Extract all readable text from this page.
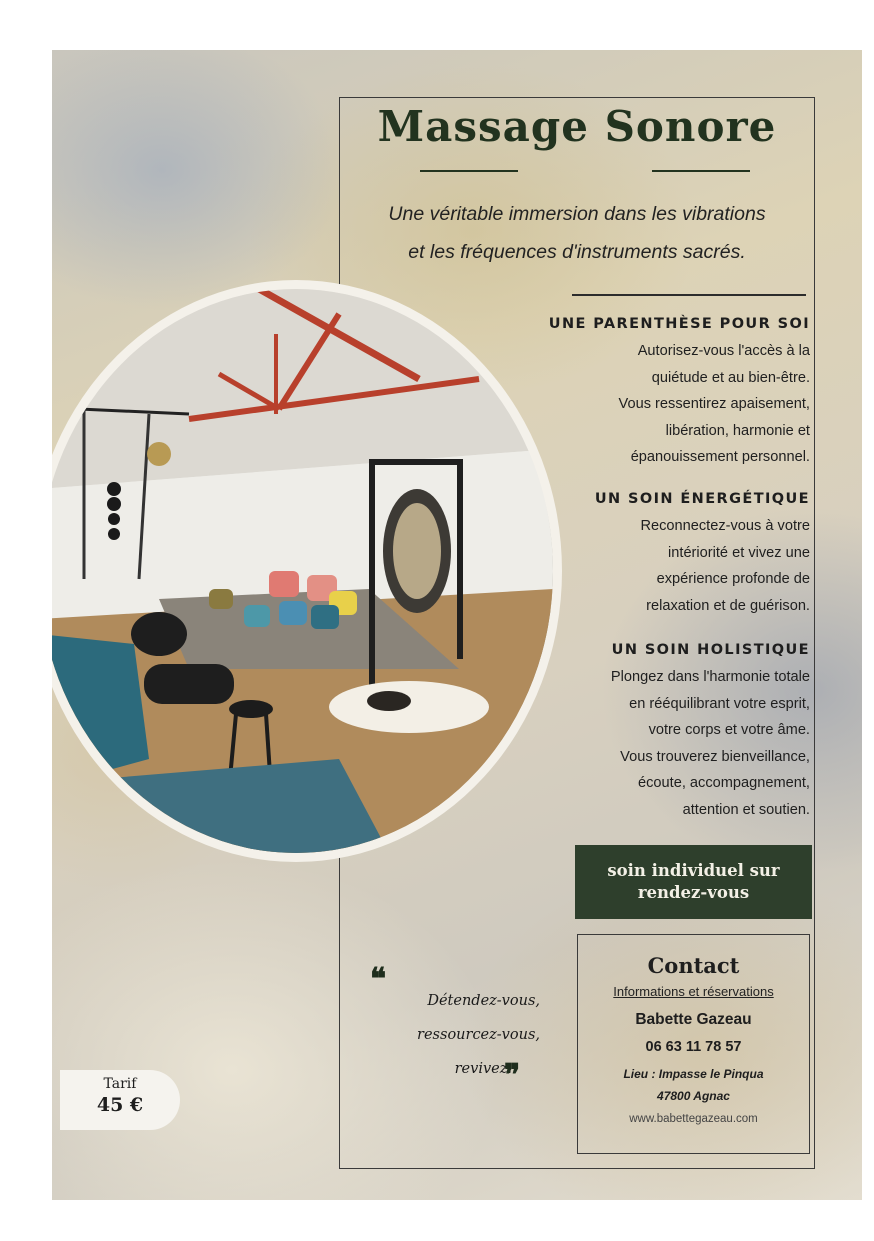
Massage Sonore
Une véritable immersion dans les vibrations
et les fréquences d'instruments sacrés.
UNE PARENTHÈSE POUR SOI

Autorisez-vous l'accès à la
quiétude et au bien-être.
Vous ressentirez apaisement,
libération, harmonie et
épanouissement personnel.

UN SOIN ÉNERGÉTIQUE

Reconnectez-vous à votre
intériorité et vivez une
expérience profonde de
relaxation et de guérison.

UN SOIN HOLISTIQUE

Plongez dans l'harmonie totale
en rééquilibrant votre esprit,
votre corps et votre âme.
Vous trouverez bienveillance,
écoute, accompagnement,
attention et soutien.

soin individuel sur
rendez-vous
Contact
Informations et réservations
Babette Gazeau
06 63 11 78 57
Lieu : Impasse le Pinqua
47800 Agnac
www.babettegazeau.com
❝
Détendez-vous,
ressourcez-vous,
revivez.
❞
Tarif
45 €
